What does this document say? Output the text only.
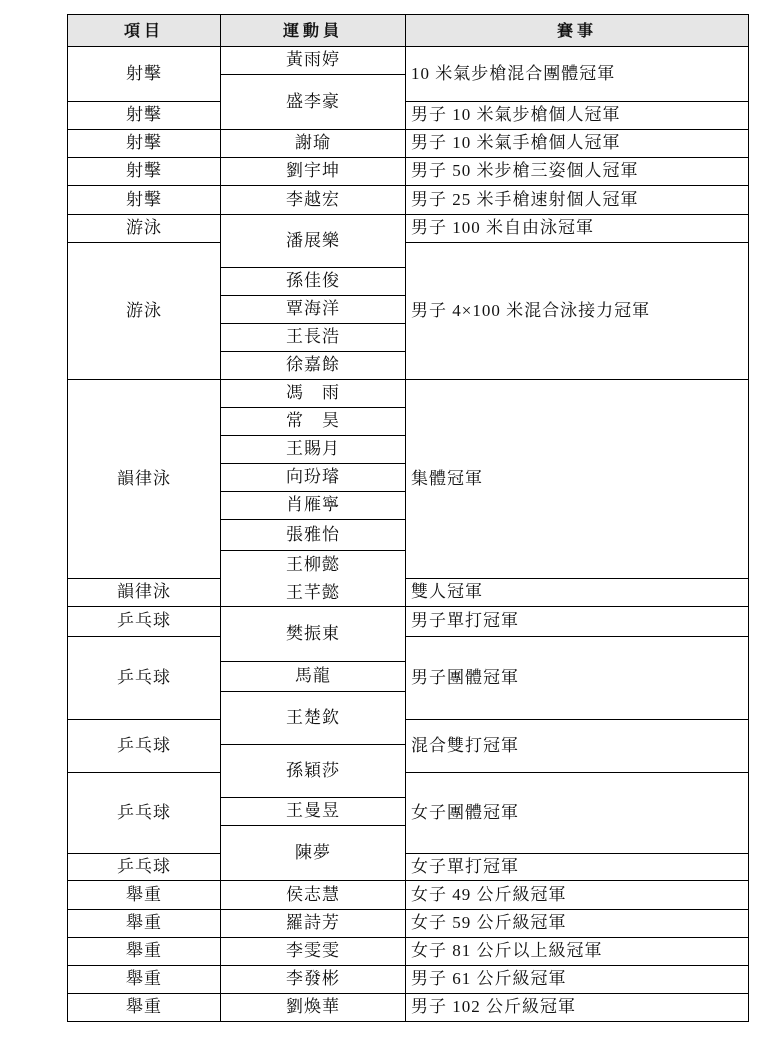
項目	運動員	賽事
射擊
射擊
射擊
射擊
射擊
游泳
游泳
韻律泳
韻律泳
乒乓球
乒乓球
乒乓球
乒乓球
乒乓球
舉重
舉重
舉重
舉重
舉重
黃雨婷
盛李豪
謝瑜
劉宇坤
李越宏
潘展樂
孫佳俊
覃海洋
王長浩
徐嘉餘
馮　雨
常　昊
王賜月
向玢璿
肖雁寧
張雅怡
王柳懿
王芊懿
樊振東
馬龍
王楚欽
孫穎莎
王曼昱
陳夢
侯志慧
羅詩芳
李雯雯
李發彬
劉煥華
10 米氣步槍混合團體冠軍
男子 10 米氣步槍個人冠軍
男子 10 米氣手槍個人冠軍
男子 50 米步槍三姿個人冠軍
男子 25 米手槍速射個人冠軍
男子 100 米自由泳冠軍
男子 4×100 米混合泳接力冠軍
集體冠軍
雙人冠軍
男子單打冠軍
男子團體冠軍
混合雙打冠軍
女子團體冠軍
女子單打冠軍
女子 49 公斤級冠軍
女子 59 公斤級冠軍
女子 81 公斤以上級冠軍
男子 61 公斤級冠軍
男子 102 公斤級冠軍
